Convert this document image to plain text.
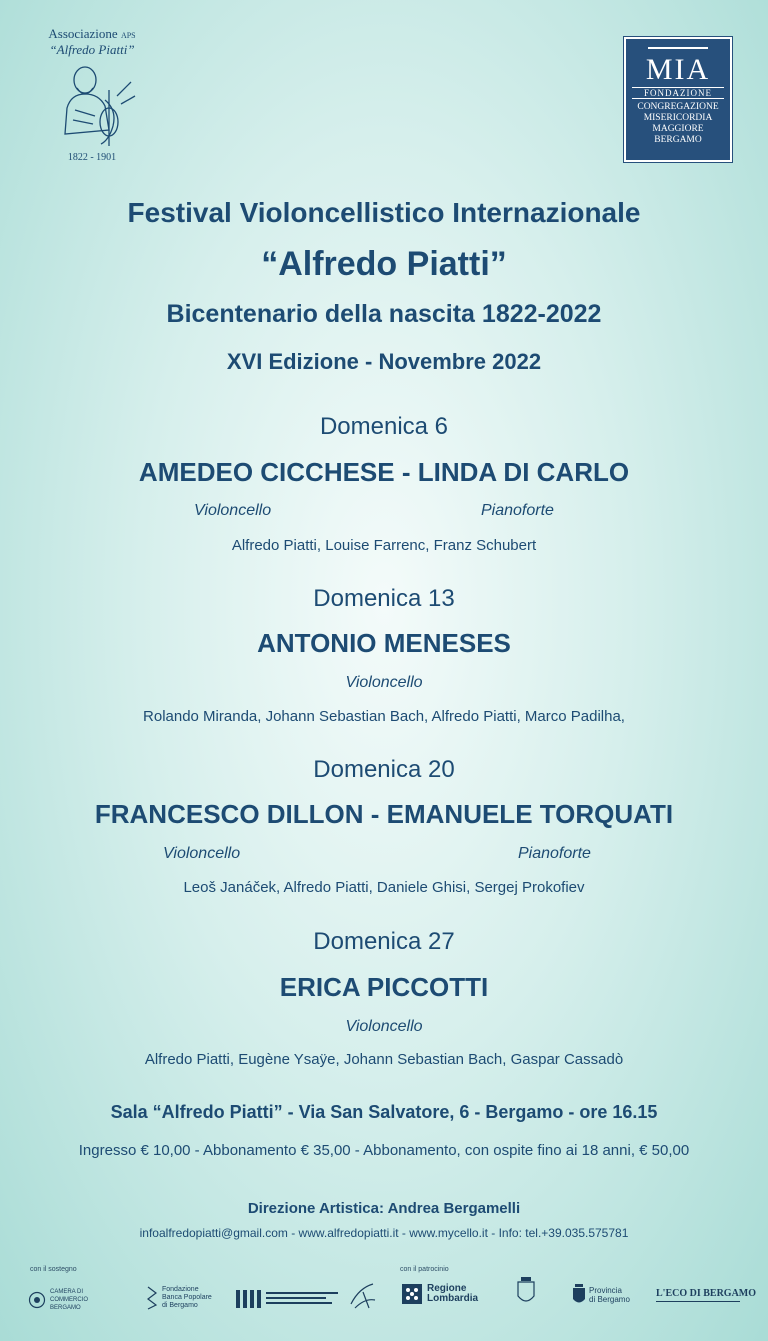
Associazione APS
“Alfredo Piatti”
1822 - 1901
MIA
FONDAZIONE
CONGREGAZIONE
MISERICORDIA
MAGGIORE
BERGAMO
Festival Violoncellistico Internazionale
“Alfredo Piatti”
Bicentenario della nascita 1822-2022
XVI Edizione - Novembre 2022
Domenica 6
AMEDEO CICCHESE - LINDA DI CARLO
Violoncello	Pianoforte
Alfredo Piatti, Louise Farrenc, Franz Schubert
Domenica 13
ANTONIO MENESES
Violoncello
Rolando Miranda, Johann Sebastian Bach, Alfredo Piatti, Marco Padilha,
Domenica 20
FRANCESCO DILLON - EMANUELE TORQUATI
Violoncello	Pianoforte
Leoš Janáček, Alfredo Piatti, Daniele Ghisi, Sergej Prokofiev
Domenica 27
ERICA PICCOTTI
Violoncello
Alfredo Piatti, Eugène Ysaÿe, Johann Sebastian Bach, Gaspar Cassadò
Sala “Alfredo Piatti” - Via San Salvatore, 6 - Bergamo - ore 16.15
Ingresso € 10,00 - Abbonamento € 35,00 - Abbonamento, con ospite fino ai 18 anni, € 50,00
Direzione Artistica: Andrea Bergamelli
infoalfredopiatti@gmail.com - www.alfredopiatti.it - www.mycello.it - Info: tel.+39.035.575781
con il sostegno	con il patrocinio
CAMERA DI COMMERCIO BERGAMO
Fondazione
Banca Popolare
di Bergamo
Regione
Lombardia
Provincia
di Bergamo
L'ECO DI BERGAMO
